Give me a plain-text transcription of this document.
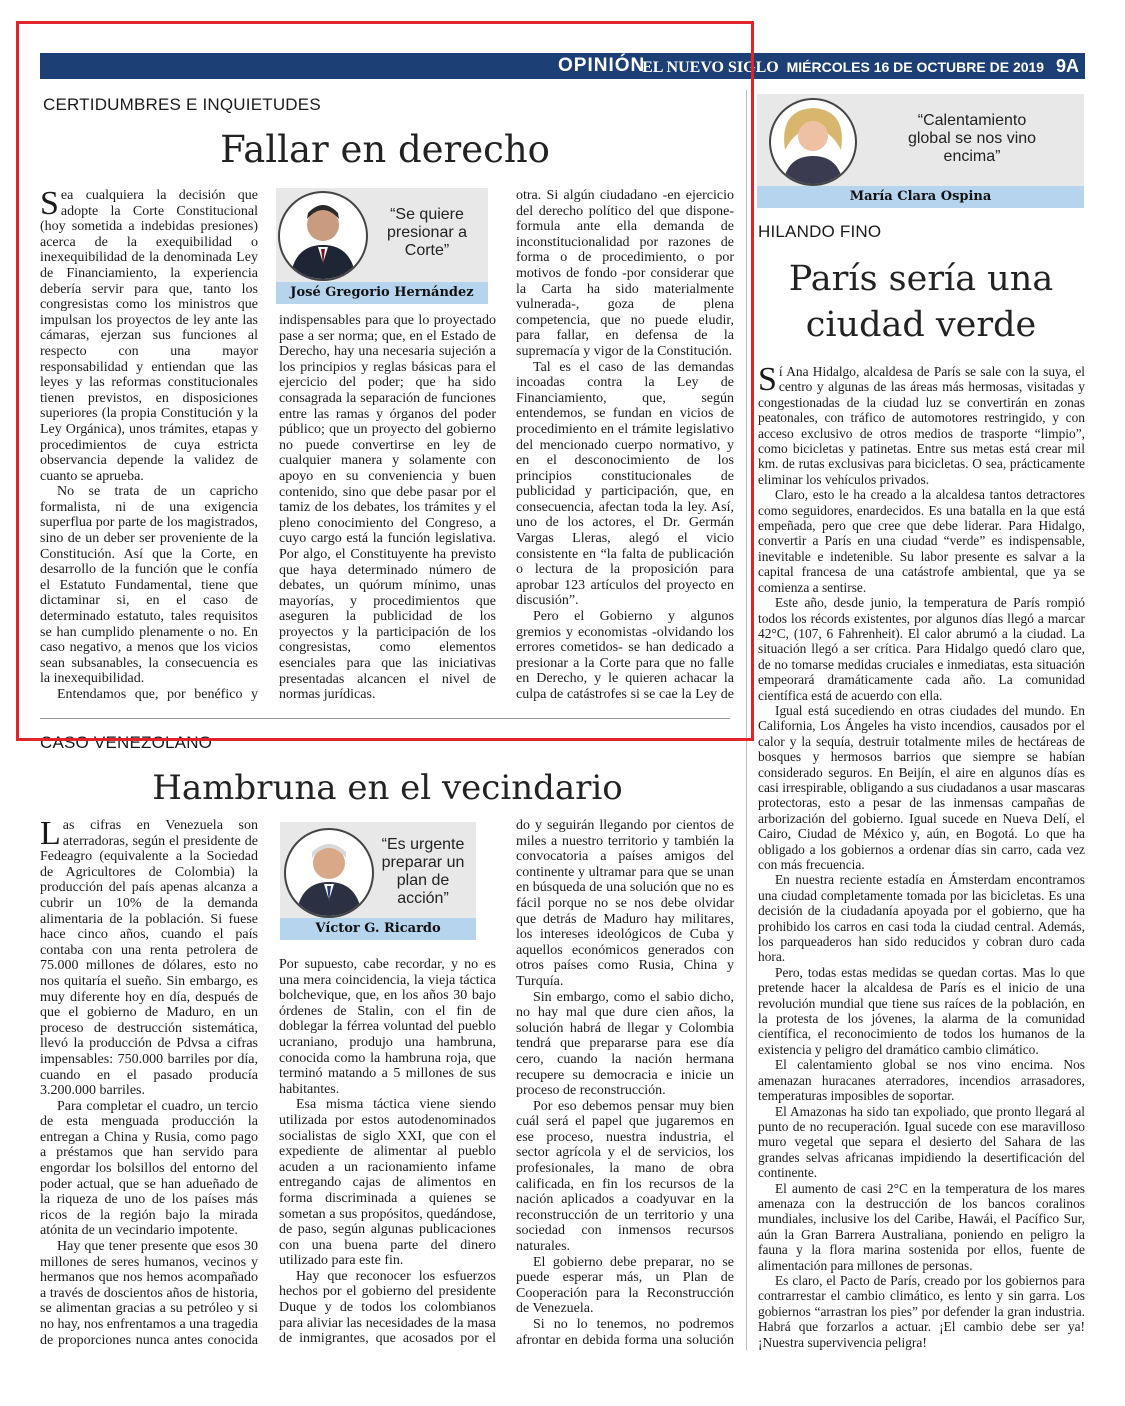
OPINIÓN
EL NUEVO SIGLO MIÉRCOLES 16 DE OCTUBRE DE 2019 9A
CERTIDUMBRES E INQUIETUDES
Fallar en derecho

Sea cualquiera la decisión que adopte la Corte Constitucional (hoy sometida a indebidas presiones) acerca de la exequibilidad o inexequibilidad de la denominada Ley de Financiamiento, la experiencia debería servir para que, tanto los congresistas como los ministros que impulsan los proyectos de ley ante las cámaras, ejerzan sus funciones al respecto con una mayor responsabilidad y entiendan que las leyes y las reformas constitucionales tienen previstos, en disposiciones superiores (la propia Constitución y la Ley Orgánica), unos trámites, etapas y procedimientos de cuya estricta observancia depende la validez de cuanto se aprueba.

No se trata de un capricho formalista, ni de una exigencia superflua por parte de los magistrados, sino de un deber ser proveniente de la Constitución. Así que la Corte, en desarrollo de la función que le confía el Estatuto Fundamental, tiene que dictaminar si, en el caso de determinado estatuto, tales requisitos se han cumplido plenamente o no. En caso negativo, a menos que los vicios sean subsanables, la consecuencia es la inexequibilidad.

Entendamos que, por benéfico y

“Se quiere presionar a Corte”
José Gregorio Hernández

indispensables para que lo proyectado pase a ser norma; que, en el Estado de Derecho, hay una necesaria sujeción a los principios y reglas básicas para el ejercicio del poder; que ha sido consagrada la separación de funciones entre las ramas y órganos del poder público; que un proyecto del gobierno no puede convertirse en ley de cualquier manera y solamente con apoyo en su conveniencia y buen contenido, sino que debe pasar por el tamiz de los debates, los trámites y el pleno conocimiento del Congreso, a cuyo cargo está la función legislativa. Por algo, el Constituyente ha previsto que haya determinado número de debates, un quórum mínimo, unas mayorías, y procedimientos que aseguren la publicidad de los proyectos y la participación de los congresistas, como elementos esenciales para que las iniciativas presentadas alcancen el nivel de normas jurídicas.

otra. Si algún ciudadano -en ejercicio del derecho político del que dispone- formula ante ella demanda de inconstitucionalidad por razones de forma o de procedimiento, o por motivos de fondo -por considerar que la Carta ha sido materialmente vulnerada-, goza de plena competencia, que no puede eludir, para fallar, en defensa de la supremacía y vigor de la Constitución.

Tal es el caso de las demandas incoadas contra la Ley de Financiamiento, que, según entendemos, se fundan en vicios de procedimiento en el trámite legislativo del mencionado cuerpo normativo, y en el desconocimiento de los principios constitucionales de publicidad y participación, que, en consecuencia, afectan toda la ley. Así, uno de los actores, el Dr. Germán Vargas Lleras, alegó el vicio consistente en “la falta de publicación o lectura de la proposición para aprobar 123 artículos del proyecto en discusión”.

Pero el Gobierno y algunos gremios y economistas -olvidando los errores cometidos- se han dedicado a presionar a la Corte para que no falle en Derecho, y le quieren achacar la culpa de catástrofes si se cae la Ley de

CASO VENEZOLANO
Hambruna en el vecindario

Las cifras en Venezuela son aterradoras, según el presidente de Fedeagro (equivalente a la Sociedad de Agricultores de Colombia) la producción del país apenas alcanza a cubrir un 10% de la demanda alimentaria de la población. Si fuese hace cinco años, cuando el país contaba con una renta petrolera de 75.000 millones de dólares, esto no nos quitaría el sueño. Sin embargo, es muy diferente hoy en día, después de que el gobierno de Maduro, en un proceso de destrucción sistemática, llevó la producción de Pdvsa a cifras impensables: 750.000 barriles por día, cuando en el pasado producía 3.200.000 barriles.

Para completar el cuadro, un tercio de esta menguada producción la entregan a China y Rusia, como pago a préstamos que han servido para engordar los bolsillos del entorno del poder actual, que se han adueñado de la riqueza de uno de los países más ricos de la región bajo la mirada atónita de un vecindario impotente.

Hay que tener presente que esos 30 millones de seres humanos, vecinos y hermanos que nos hemos acompañado a través de doscientos años de historia, se alimentan gracias a su petróleo y si no hay, nos enfrentamos a una tragedia de proporciones nunca antes conocida

“Es urgente preparar un plan de acción”
Víctor G. Ricardo

Por supuesto, cabe recordar, y no es una mera coincidencia, la vieja táctica bolchevique, que, en los años 30 bajo órdenes de Stalin, con el fin de doblegar la férrea voluntad del pueblo ucraniano, produjo una hambruna, conocida como la hambruna roja, que terminó matando a 5 millones de sus habitantes.

Esa misma táctica viene siendo utilizada por estos autodenominados socialistas de siglo XXI, que con el expediente de alimentar al pueblo acuden a un racionamiento infame entregando cajas de alimentos en forma discriminada a quienes se sometan a sus propósitos, quedándose, de paso, según algunas publicaciones con una buena parte del dinero utilizado para este fin.

Hay que reconocer los esfuerzos hechos por el gobierno del presidente Duque y de todos los colombianos para aliviar las necesidades de la masa de inmigrantes, que acosados por el

do y seguirán llegando por cientos de miles a nuestro territorio y también la convocatoria a países amigos del continente y ultramar para que se unan en búsqueda de una solución que no es fácil porque no se nos debe olvidar que detrás de Maduro hay militares, los intereses ideológicos de Cuba y aquellos económicos generados con otros países como Rusia, China y Turquía.

Sin embargo, como el sabio dicho, no hay mal que dure cien años, la solución habrá de llegar y Colombia tendrá que prepararse para ese día cero, cuando la nación hermana recupere su democracia e inicie un proceso de reconstrucción.

Por eso debemos pensar muy bien cuál será el papel que jugaremos en ese proceso, nuestra industria, el sector agrícola y el de servicios, los profesionales, la mano de obra calificada, en fin los recursos de la nación aplicados a coadyuvar en la reconstrucción de un territorio y una sociedad con inmensos recursos naturales.

El gobierno debe preparar, no se puede esperar más, un Plan de Cooperación para la Reconstrucción de Venezuela.

Si no lo tenemos, no podremos afrontar en debida forma una solución

“Calentamiento global se nos vino encima”
María Clara Ospina
HILANDO FINO
París sería una ciudad verde

Sí Ana Hidalgo, alcaldesa de París se sale con la suya, el centro y algunas de las áreas más hermosas, visitadas y congestionadas de la ciudad luz se convertirán en zonas peatonales, con tráfico de automotores restringido, y con acceso exclusivo de otros medios de trasporte “limpio”, como bicicletas y patinetas. Entre sus metas está crear mil km. de rutas exclusivas para bicicletas. O sea, prácticamente eliminar los vehículos privados.

Claro, esto le ha creado a la alcaldesa tantos detractores como seguidores, enardecidos. Es una batalla en la que está empeñada, pero que cree que debe liderar. Para Hidalgo, convertir a París en una ciudad “verde” es indispensable, inevitable e indetenible. Su labor presente es salvar a la capital francesa de una catástrofe ambiental, que ya se comienza a sentirse.

Este año, desde junio, la temperatura de París rompió todos los récords existentes, por algunos días llegó a marcar 42°C, (107, 6 Fahrenheit). El calor abrumó a la ciudad. La situación llegó a ser crítica. Para Hidalgo quedó claro que, de no tomarse medidas cruciales e inmediatas, esta situación empeorará dramáticamente cada año. La comunidad científica está de acuerdo con ella.

Igual está sucediendo en otras ciudades del mundo. En California, Los Ángeles ha visto incendios, causados por el calor y la sequía, destruir totalmente miles de hectáreas de bosques y hermosos barrios que siempre se habían considerado seguros. En Beijín, el aire en algunos días es casi irrespirable, obligando a sus ciudadanos a usar mascaras protectoras, esto a pesar de las inmensas campañas de arborización del gobierno. Igual sucede en Nueva Delí, el Cairo, Ciudad de México y, aún, en Bogotá. Lo que ha obligado a los gobiernos a ordenar días sin carro, cada vez con más frecuencia.

En nuestra reciente estadía en Ámsterdam encontramos una ciudad completamente tomada por las bicicletas. Es una decisión de la ciudadanía apoyada por el gobierno, que ha prohibido los carros en casi toda la ciudad central. Además, los parqueaderos han sido reducidos y cobran duro cada hora.

Pero, todas estas medidas se quedan cortas. Mas lo que pretende hacer la alcaldesa de París es el inicio de una revolución mundial que tiene sus raíces de la población, en la protesta de los jóvenes, la alarma de la comunidad científica, el reconocimiento de todos los humanos de la existencia y peligro del dramático cambio climático.

El calentamiento global se nos vino encima. Nos amenazan huracanes aterradores, incendios arrasadores, temperaturas imposibles de soportar.

El Amazonas ha sido tan expoliado, que pronto llegará al punto de no recuperación. Igual sucede con ese maravilloso muro vegetal que separa el desierto del Sahara de las grandes selvas africanas impidiendo la desertificación del continente.

El aumento de casi 2°C en la temperatura de los mares amenaza con la destrucción de los bancos coralinos mundiales, inclusive los del Caribe, Hawái, el Pacífico Sur, aún la Gran Barrera Australiana, poniendo en peligro la fauna y la flora marina sostenida por ellos, fuente de alimentación para millones de personas.

Es claro, el Pacto de París, creado por los gobiernos para contrarrestar el cambio climático, es lento y sin garra. Los gobiernos “arrastran los pies” por defender la gran industria. Habrá que forzarlos a actuar. ¡El cambio debe ser ya! ¡Nuestra supervivencia peligra!
